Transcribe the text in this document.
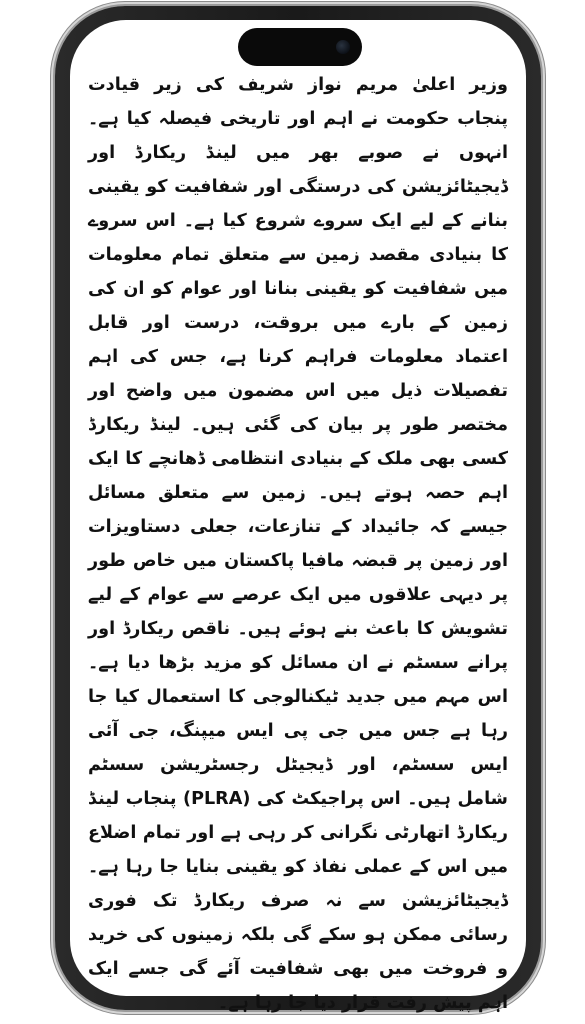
وزیر اعلیٰ مریم نواز شریف کی زیر قیادت پنجاب حکومت نے اہم اور تاریخی فیصلہ کیا ہے۔ انہوں نے صوبے بھر میں لینڈ ریکارڈ اور ڈیجیٹائزیشن کی درستگی اور شفافیت کو یقینی بنانے کے لیے ایک سروے شروع کیا ہے۔ اس سروے کا بنیادی مقصد زمین سے متعلق تمام معلومات میں شفافیت کو یقینی بنانا اور عوام کو ان کی زمین کے بارے میں بروقت، درست اور قابل اعتماد معلومات فراہم کرنا ہے، جس کی اہم تفصیلات ذیل میں اس مضمون میں واضح اور مختصر طور پر بیان کی گئی ہیں۔ لینڈ ریکارڈ کسی بھی ملک کے بنیادی انتظامی ڈھانچے کا ایک اہم حصہ ہوتے ہیں۔ زمین سے متعلق مسائل جیسے کہ جائیداد کے تنازعات، جعلی دستاویزات اور زمین پر قبضہ مافیا پاکستان میں خاص طور پر دیہی علاقوں میں ایک عرصے سے عوام کے لیے تشویش کا باعث بنے ہوئے ہیں۔ ناقص ریکارڈ اور پرانے سسٹم نے ان مسائل کو مزید بڑھا دیا ہے۔ اس مہم میں جدید ٹیکنالوجی کا استعمال کیا جا رہا ہے جس میں جی پی ایس میپنگ، جی آئی ایس سسٹم، اور ڈیجیٹل رجسٹریشن سسٹم شامل ہیں۔ اس پراجیکٹ کی (PLRA) پنجاب لینڈ ریکارڈ اتھارٹی نگرانی کر رہی ہے اور تمام اضلاع میں اس کے عملی نفاذ کو یقینی بنایا جا رہا ہے۔ ڈیجیٹائزیشن سے نہ صرف ریکارڈ تک فوری رسائی ممکن ہو سکے گی بلکہ زمینوں کی خرید و فروخت میں بھی شفافیت آئے گی جسے ایک اہم پیش رفت قرار دیا جا رہا ہے۔
